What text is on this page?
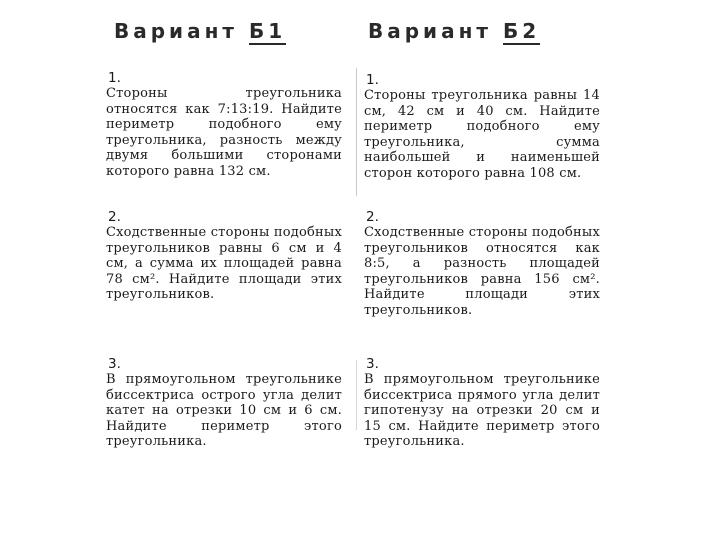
Вариант Б1

1.

Стороны треугольника относятся как 7:13:19. Найдите периметр подобного ему треугольника, разность между двумя большими сторонами которого равна 132 см.

2.

Сходственные стороны подобных треугольников равны 6 см и 4 см, а сумма их площадей равна 78 см². Найдите площади этих треугольников.

3.

В прямоугольном треугольнике биссектриса острого угла делит катет на отрезки 10 см и 6 см. Найдите периметр этого треугольника.

Вариант Б2

1.

Стороны треугольника равны 14 см, 42 см и 40 см. Найдите периметр подобного ему треугольника, сумма наибольшей и наименьшей сторон которого равна 108 см.

2.

Сходственные стороны подобных треугольников относятся как 8:5, а разность площадей треугольников равна 156 см². Найдите площади этих треугольников.

3.

В прямоугольном треугольнике биссектриса прямого угла делит гипотенузу на отрезки 20 см и 15 см. Найдите периметр этого треугольника.
